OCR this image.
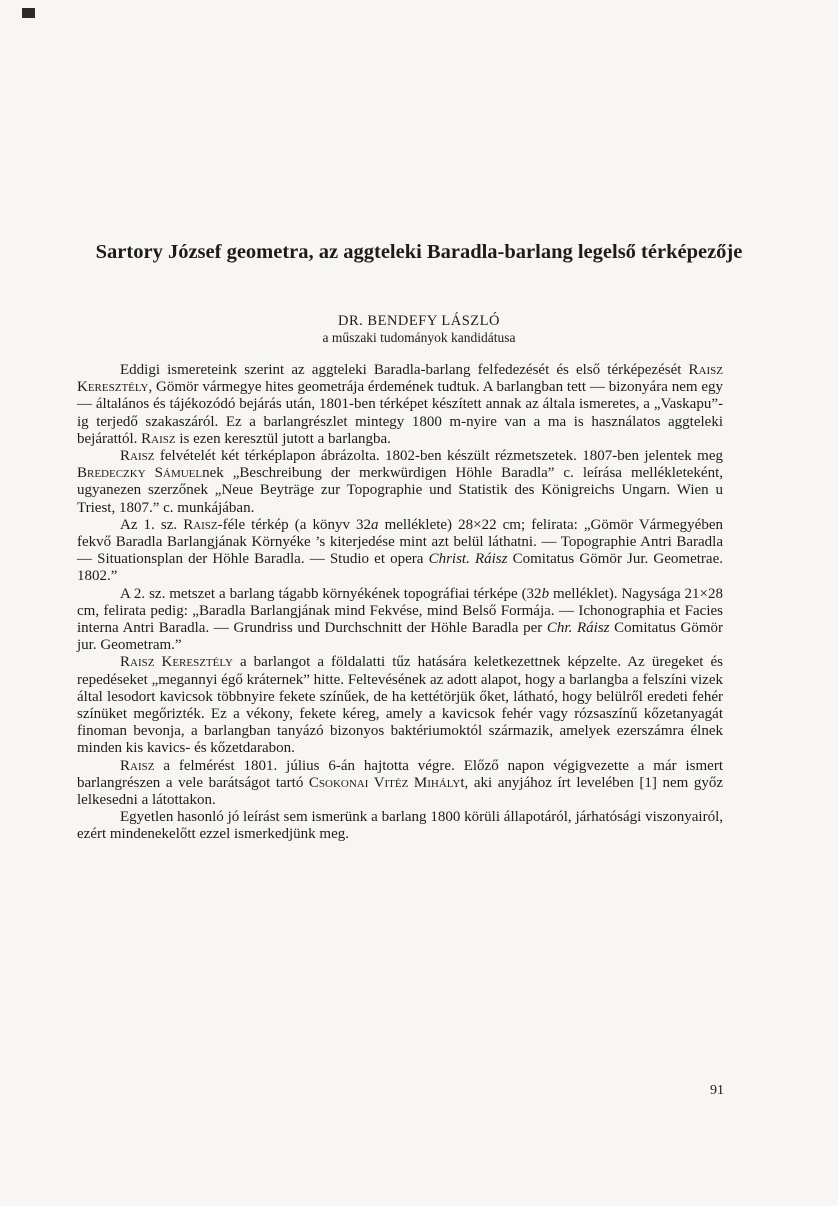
Sartory József geometra, az aggteleki Baradla-barlang legelső térképezője
DR. BENDEFY LÁSZLÓ
a műszaki tudományok kandidátusa

Eddigi ismereteink szerint az aggteleki Baradla-barlang felfedezését és első térképezését Raisz Keresztély, Gömör vármegye hites geometrája érdemének tudtuk. A barlangban tett — bizonyára nem egy — általános és tájékozódó bejárás után, 1801-ben térképet készített annak az általa ismeretes, a „Vaskapu”-ig terjedő szakaszáról. Ez a barlangrészlet mintegy 1800 m-nyire van a ma is használatos aggteleki bejárattól. Raisz is ezen keresztül jutott a barlangba.

Raisz felvételét két térképlapon ábrázolta. 1802-ben készült rézmetszetek. 1807-ben jelentek meg Bredeczky Sámuelnek „Beschreibung der merkwürdigen Höhle Baradla” c. leírása mellékleteként, ugyanezen szerzőnek „Neue Beyträge zur Topographie und Statistik des Königreichs Ungarn. Wien u Triest, 1807.” c. munkájában.

Az 1. sz. Raisz-féle térkép (a könyv 32a melléklete) 28×22 cm; felirata: „Gömör Vármegyében fekvő Baradla Barlangjának Környéke ’s kiterjedése mint azt belül láthatni. — Topographie Antri Baradla — Situationsplan der Höhle Baradla. — Studio et opera Christ. Ráisz Comitatus Gömör Jur. Geometrae. 1802.”

A 2. sz. metszet a barlang tágabb környékének topográfiai térképe (32b melléklet). Nagysága 21×28 cm, felirata pedig: „Baradla Barlangjának mind Fekvése, mind Belső Formája. — Ichonographia et Facies interna Antri Baradla. — Grundriss und Durchschnitt der Höhle Baradla per Chr. Ráisz Comitatus Gömör jur. Geometram.”

Raisz Keresztély a barlangot a földalatti tűz hatására keletkezettnek képzelte. Az üregeket és repedéseket „megannyi égő kráternek” hitte. Feltevésének az adott alapot, hogy a barlangba a felszíni vizek által lesodort kavicsok többnyire fekete színűek, de ha kettétörjük őket, látható, hogy belülről eredeti fehér színüket megőrizték. Ez a vékony, fekete kéreg, amely a kavicsok fehér vagy rózsaszínű kőzetanyagát finoman bevonja, a barlangban tanyázó bizonyos baktériumoktól származik, amelyek ezerszámra élnek minden kis kavics- és kőzetdarabon.

Raisz a felmérést 1801. július 6-án hajtotta végre. Előző napon végigvezette a már ismert barlangrészen a vele barátságot tartó Csokonai Vitéz Mihályt, aki anyjához írt levelében [1] nem győz lelkesedni a látottakon.

Egyetlen hasonló jó leírást sem ismerünk a barlang 1800 körüli állapotáról, járhatósági viszonyairól, ezért mindenekelőtt ezzel ismerkedjünk meg.

91
